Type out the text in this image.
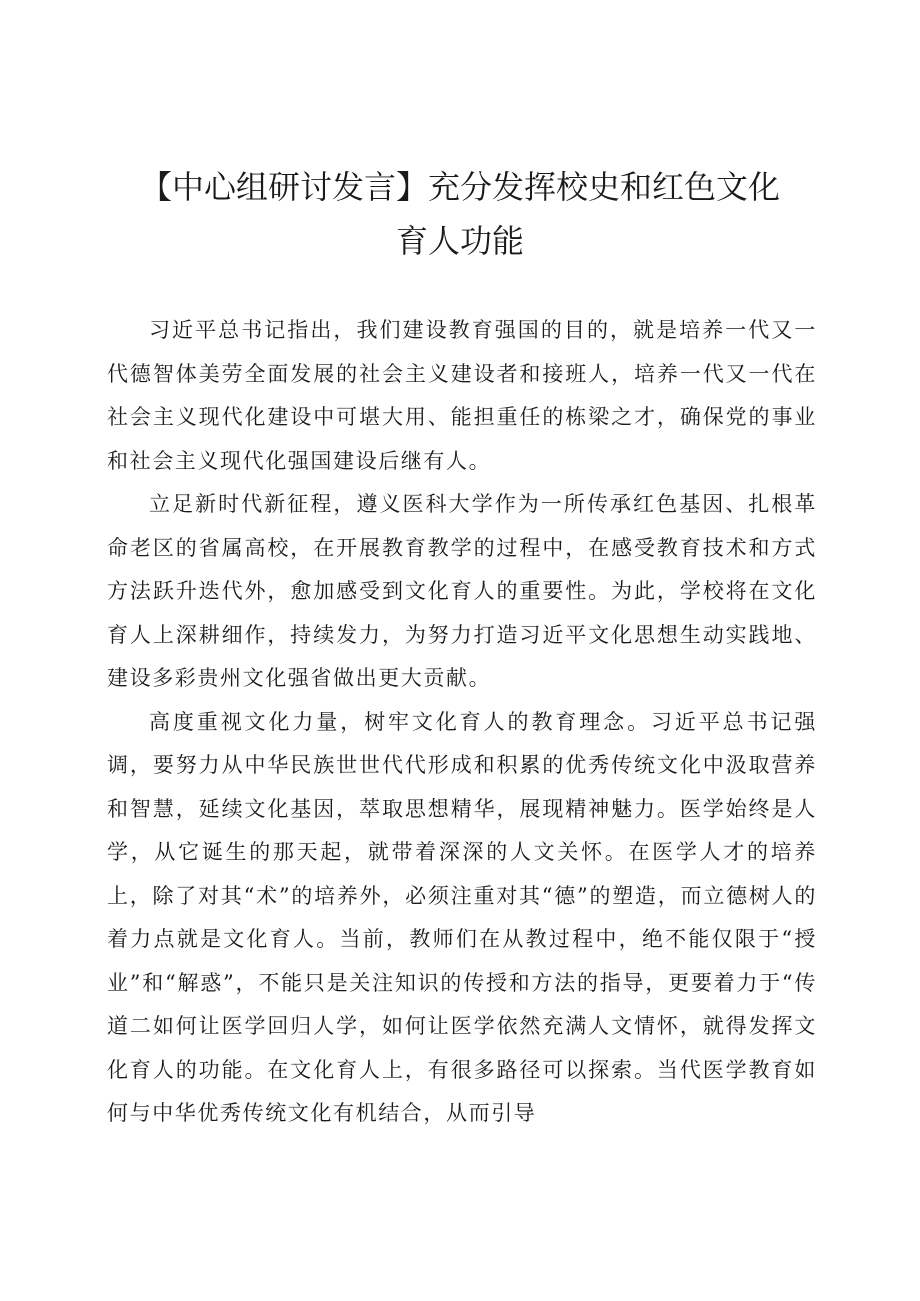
【中心组研讨发言】充分发挥校史和红色文化
育人功能

习近平总书记指出，我们建设教育强国的目的，就是培养一代又一代德智体美劳全面发展的社会主义建设者和接班人，培养一代又一代在社会主义现代化建设中可堪大用、能担重任的栋梁之才，确保党的事业和社会主义现代化强国建设后继有人。

立足新时代新征程，遵义医科大学作为一所传承红色基因、扎根革命老区的省属高校，在开展教育教学的过程中，在感受教育技术和方式方法跃升迭代外，愈加感受到文化育人的重要性。为此，学校将在文化育人上深耕细作，持续发力，为努力打造习近平文化思想生动实践地、建设多彩贵州文化强省做出更大贡献。

高度重视文化力量，树牢文化育人的教育理念。习近平总书记强调，要努力从中华民族世世代代形成和积累的优秀传统文化中汲取营养和智慧，延续文化基因，萃取思想精华，展现精神魅力。医学始终是人学，从它诞生的那天起，就带着深深的人文关怀。在医学人才的培养上，除了对其“术”的培养外，必须注重对其“德”的塑造，而立德树人的着力点就是文化育人。当前，教师们在从教过程中，绝不能仅限于“授业”和“解惑”，不能只是关注知识的传授和方法的指导，更要着力于“传道二如何让医学回归人学，如何让医学依然充满人文情怀，就得发挥文化育人的功能。在文化育人上，有很多路径可以探索。当代医学教育如何与中华优秀传统文化有机结合，从而引导
